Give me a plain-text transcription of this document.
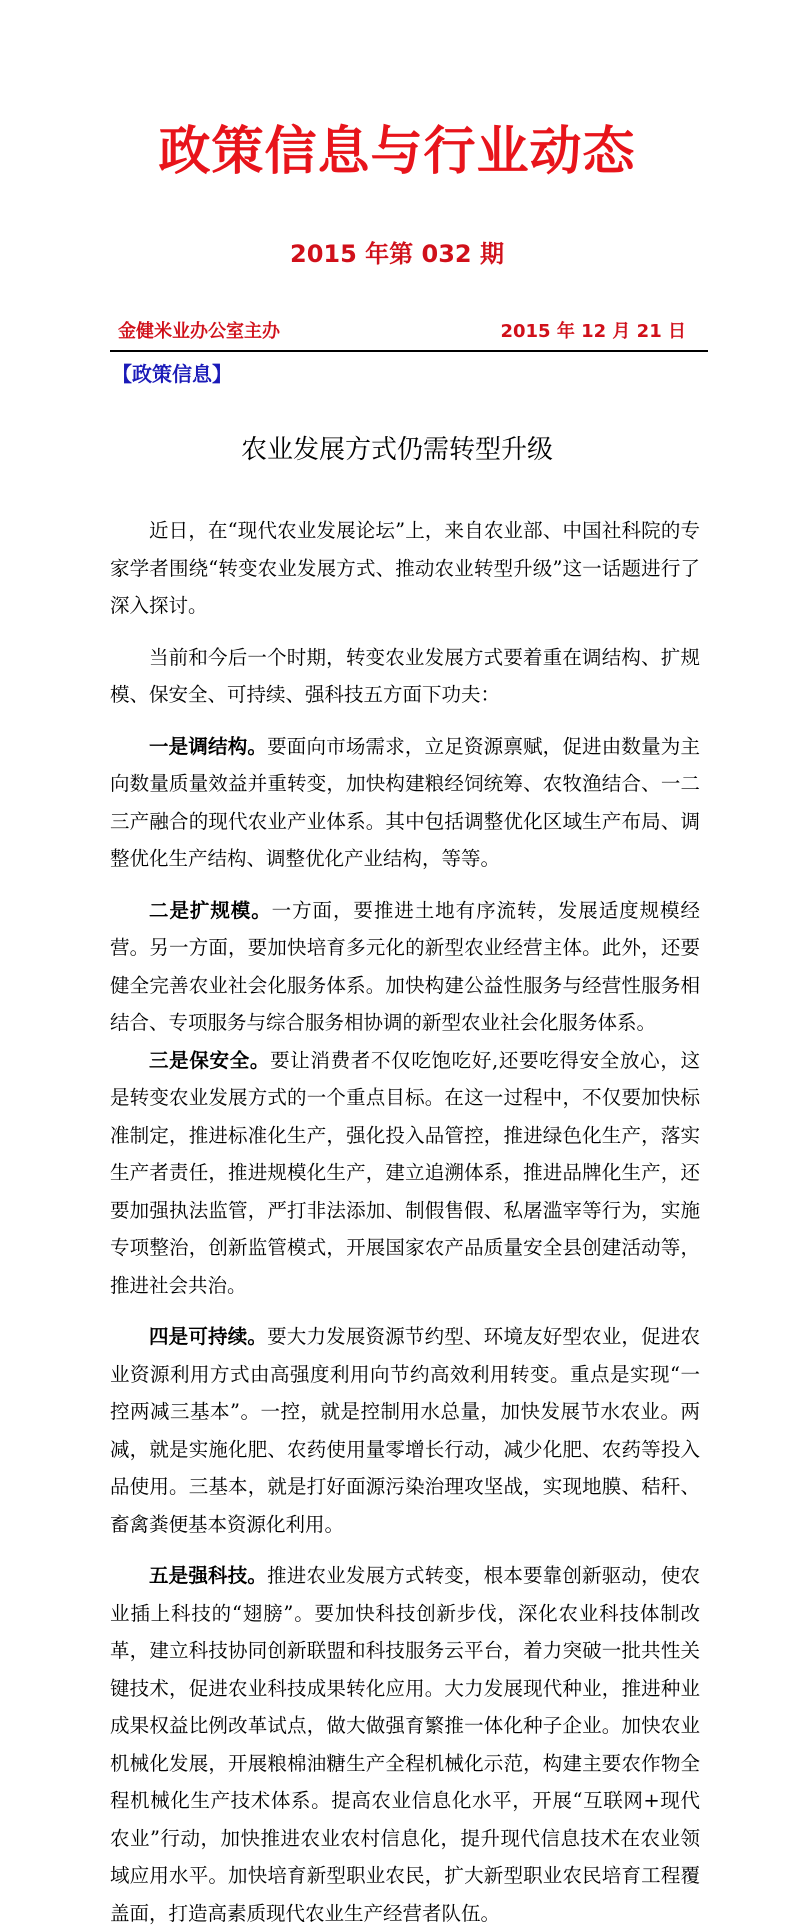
政策信息与行业动态
2015 年第 032 期
金健米业办公室主办	2015 年 12 月 21 日
【政策信息】
农业发展方式仍需转型升级

近日，在“现代农业发展论坛”上，来自农业部、中国社科院的专家学者围绕“转变农业发展方式、推动农业转型升级”这一话题进行了深入探讨。

当前和今后一个时期，转变农业发展方式要着重在调结构、扩规模、保安全、可持续、强科技五方面下功夫：

一是调结构。要面向市场需求，立足资源禀赋，促进由数量为主向数量质量效益并重转变，加快构建粮经饲统筹、农牧渔结合、一二三产融合的现代农业产业体系。其中包括调整优化区域生产布局、调整优化生产结构、调整优化产业结构，等等。

二是扩规模。一方面，要推进土地有序流转，发展适度规模经营。另一方面，要加快培育多元化的新型农业经营主体。此外，还要健全完善农业社会化服务体系。加快构建公益性服务与经营性服务相结合、专项服务与综合服务相协调的新型农业社会化服务体系。

三是保安全。要让消费者不仅吃饱吃好,还要吃得安全放心，这是转变农业发展方式的一个重点目标。在这一过程中，不仅要加快标准制定，推进标准化生产，强化投入品管控，推进绿色化生产，落实生产者责任，推进规模化生产，建立追溯体系，推进品牌化生产，还要加强执法监管，严打非法添加、制假售假、私屠滥宰等行为，实施专项整治，创新监管模式，开展国家农产品质量安全县创建活动等，推进社会共治。

四是可持续。要大力发展资源节约型、环境友好型农业，促进农业资源利用方式由高强度利用向节约高效利用转变。重点是实现“一控两减三基本”。一控，就是控制用水总量，加快发展节水农业。两减，就是实施化肥、农药使用量零增长行动，减少化肥、农药等投入品使用。三基本，就是打好面源污染治理攻坚战，实现地膜、秸秆、畜禽粪便基本资源化利用。

五是强科技。推进农业发展方式转变，根本要靠创新驱动，使农业插上科技的“翅膀”。要加快科技创新步伐，深化农业科技体制改革，建立科技协同创新联盟和科技服务云平台，着力突破一批共性关键技术，促进农业科技成果转化应用。大力发展现代种业，推进种业成果权益比例改革试点，做大做强育繁推一体化种子企业。加快农业机械化发展，开展粮棉油糖生产全程机械化示范，构建主要农作物全程机械化生产技术体系。提高农业信息化水平，开展“互联网+现代农业”行动，加快推进农业农村信息化，提升现代信息技术在农业领域应用水平。加快培育新型职业农民，扩大新型职业农民培育工程覆盖面，打造高素质现代农业生产经营者队伍。
